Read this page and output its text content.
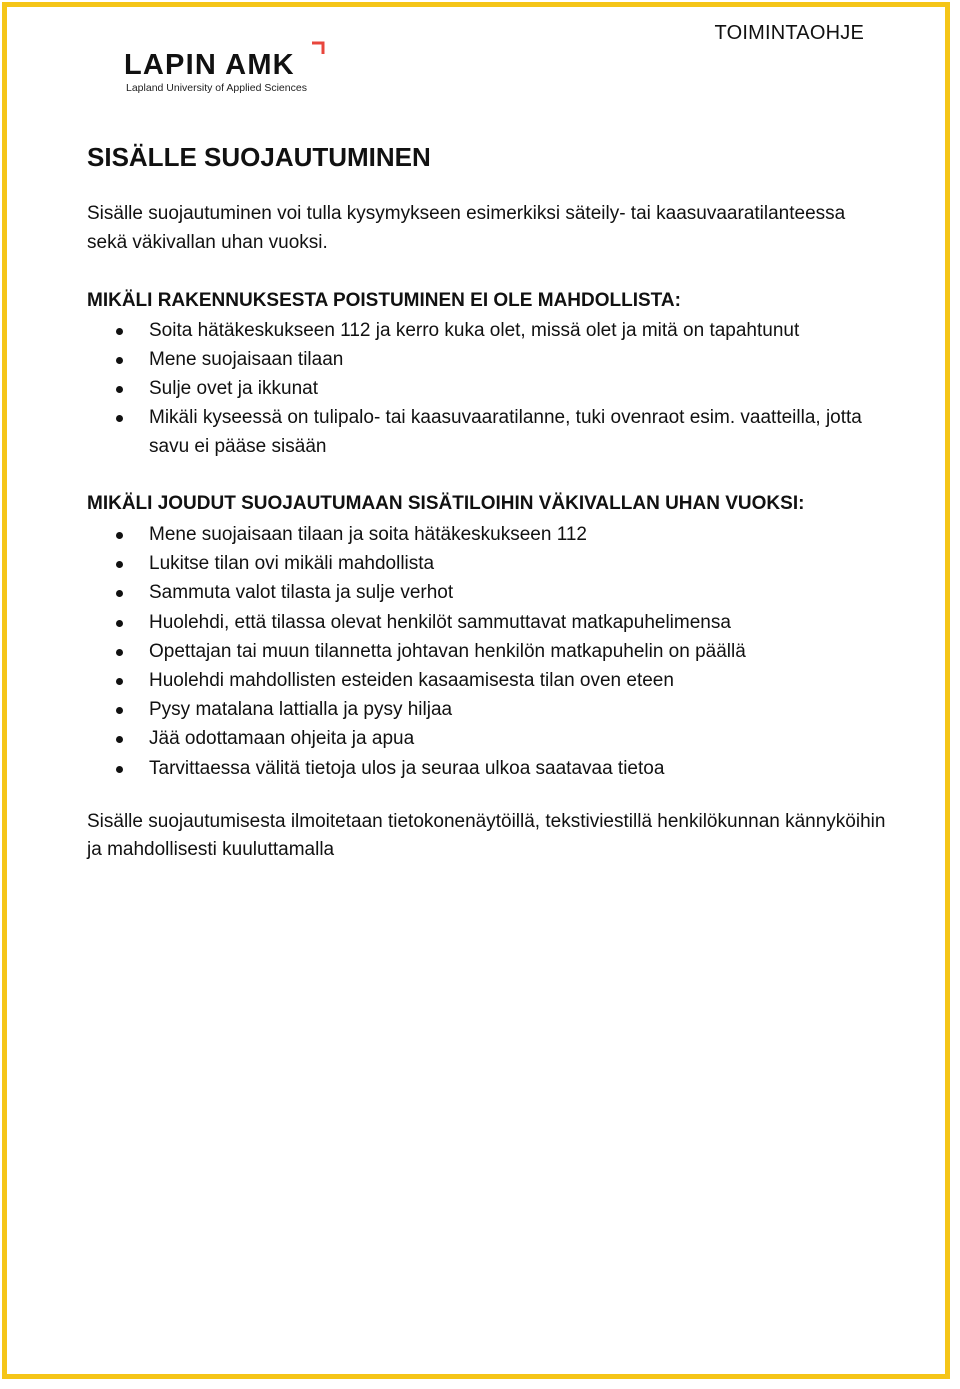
TOIMINTAOHJE
LAPIN AMK
Lapland University of Applied Sciences
SISÄLLE SUOJAUTUMINEN

Sisälle suojautuminen voi tulla kysymykseen esimerkiksi säteily- tai kaasuvaaratilanteessa sekä väkivallan uhan vuoksi.

MIKÄLI RAKENNUKSESTA POISTUMINEN EI OLE MAHDOLLISTA:
Soita hätäkeskukseen 112 ja kerro kuka olet, missä olet ja mitä on tapahtunut
Mene suojaisaan tilaan
Sulje ovet ja ikkunat
Mikäli kyseessä on tulipalo- tai kaasuvaaratilanne, tuki ovenraot esim. vaatteilla, jotta savu ei pääse sisään
MIKÄLI JOUDUT SUOJAUTUMAAN SISÄTILOIHIN VÄKIVALLAN UHAN VUOKSI:
Mene suojaisaan tilaan ja soita hätäkeskukseen 112
Lukitse tilan ovi mikäli mahdollista
Sammuta valot tilasta ja sulje verhot
Huolehdi, että tilassa olevat henkilöt sammuttavat matkapuhelimensa
Opettajan tai muun tilannetta johtavan henkilön matkapuhelin on päällä
Huolehdi mahdollisten esteiden kasaamisesta tilan oven eteen
Pysy matalana lattialla ja pysy hiljaa
Jää odottamaan ohjeita ja apua
Tarvittaessa välitä tietoja ulos ja seuraa ulkoa saatavaa tietoa

Sisälle suojautumisesta ilmoitetaan tietokonenäytöillä, tekstiviestillä henkilökunnan kännyköihin ja mahdollisesti kuuluttamalla
